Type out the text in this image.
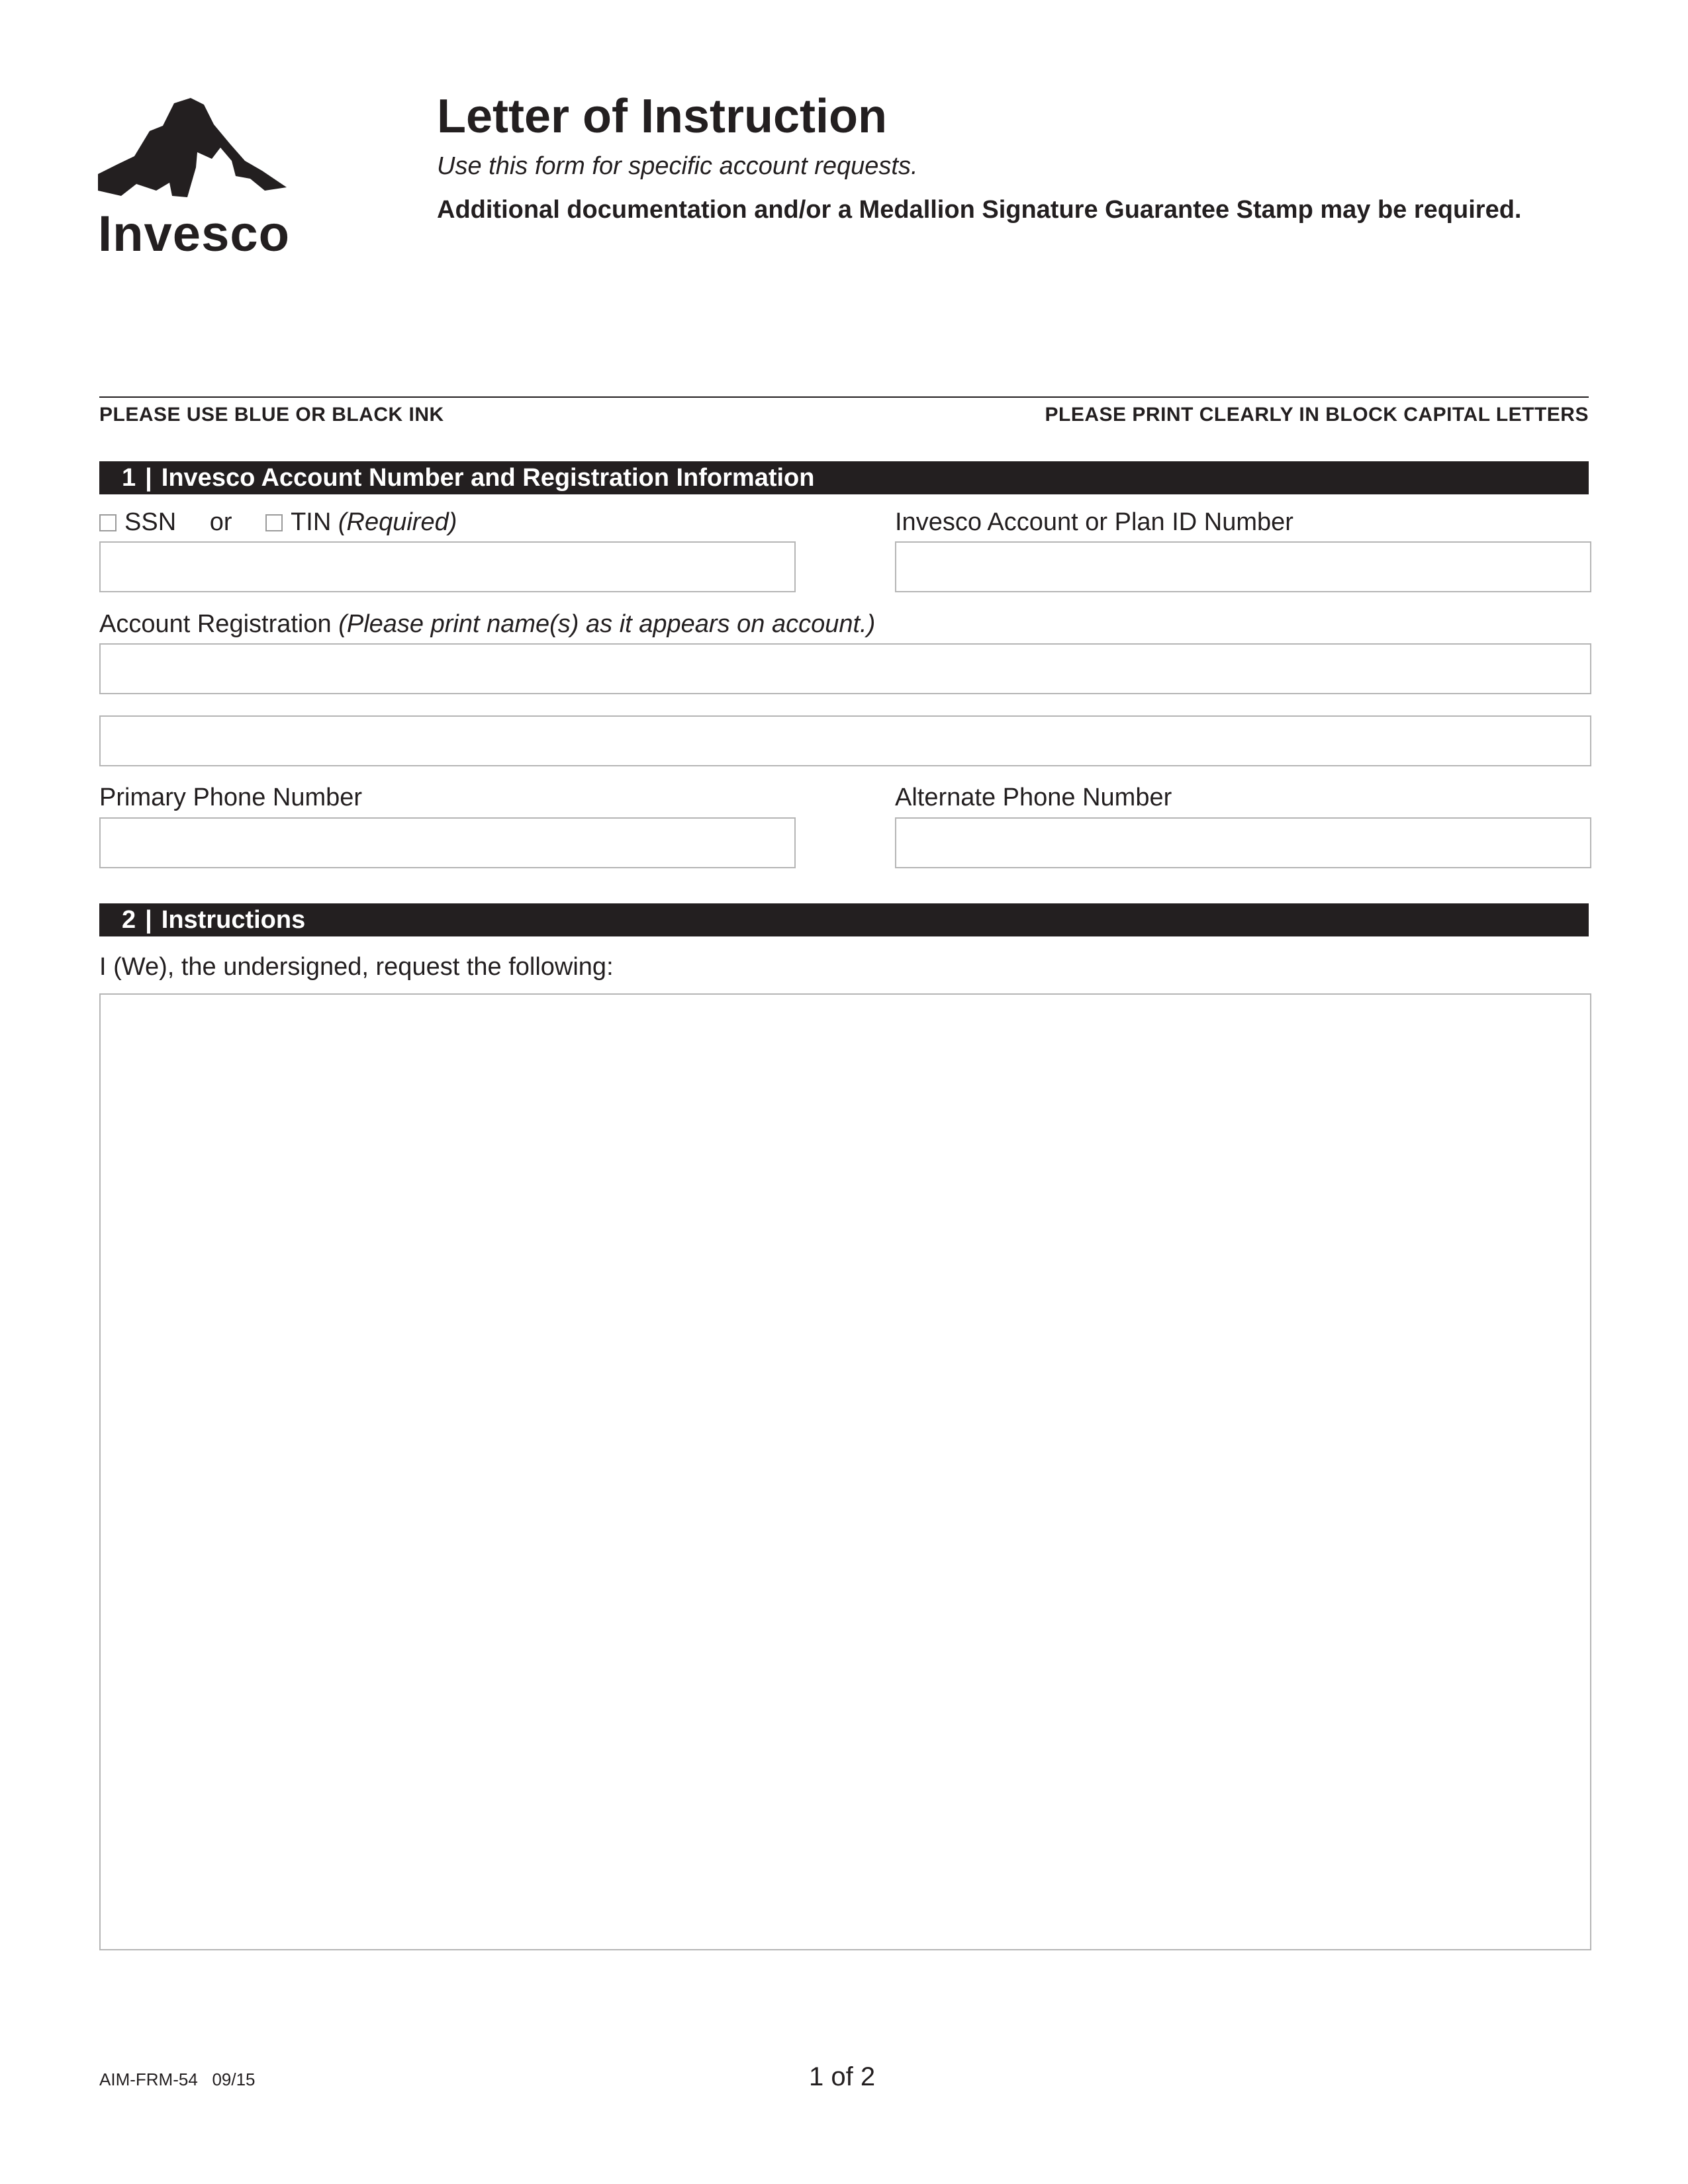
Invesco
Letter of Instruction
Use this form for specific account requests.
Additional documentation and/or a Medallion Signature Guarantee Stamp may be required.
PLEASE USE BLUE OR BLACK INK	PLEASE PRINT CLEARLY IN BLOCK CAPITAL LETTERS
1 | Invesco Account Number and Registration Information
SSN or TIN (Required)	Invesco Account or Plan ID Number
Account Registration (Please print name(s) as it appears on account.)
Primary Phone Number	Alternate Phone Number
2 | Instructions
I (We), the undersigned, request the following:
AIM-FRM-54   09/15	1 of 2
